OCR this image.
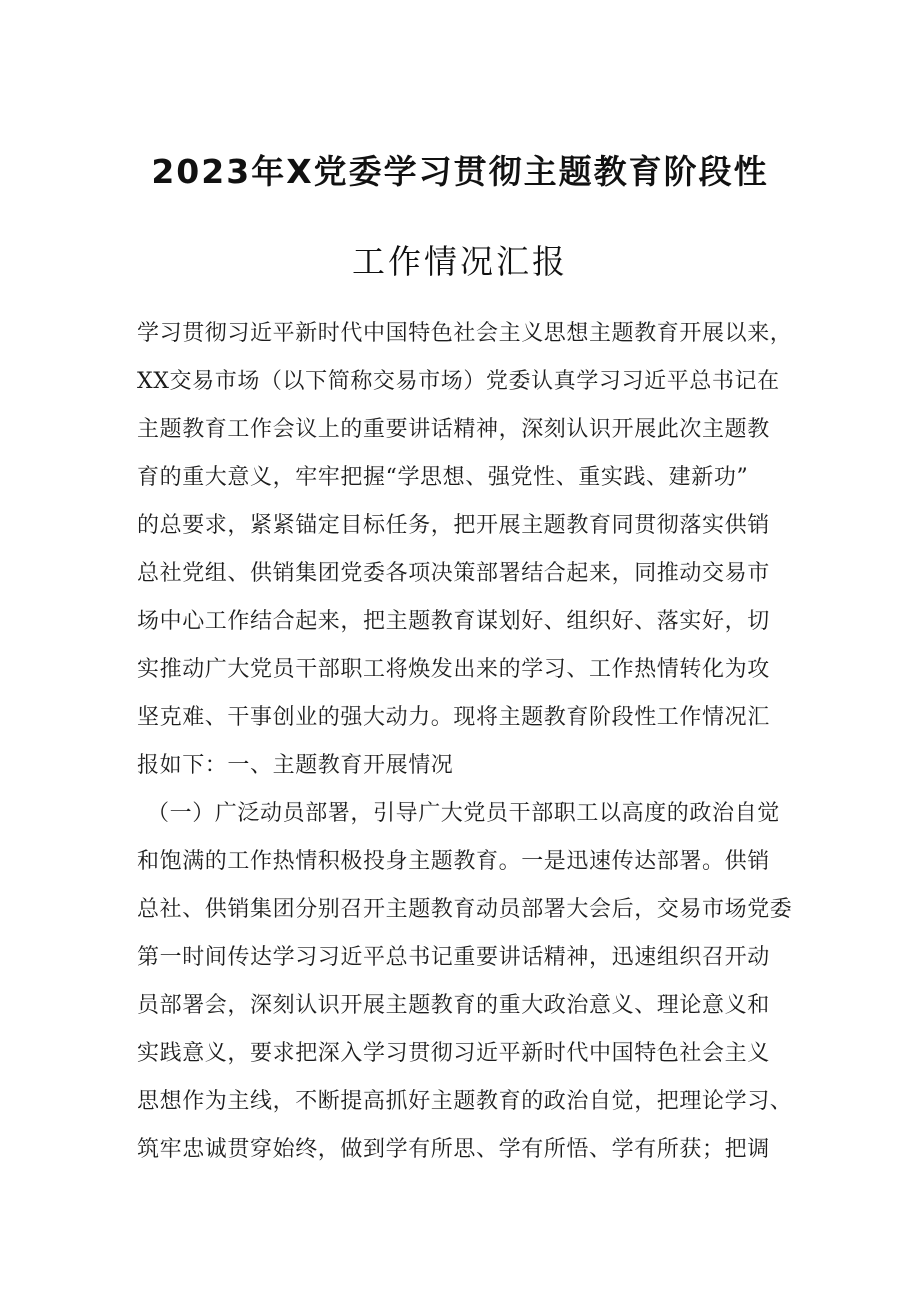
2023年X党委学习贯彻主题教育阶段性
工作情况汇报
学习贯彻习近平新时代中国特色社会主义思想主题教育开展以来，
XX交易市场（以下简称交易市场）党委认真学习习近平总书记在
主题教育工作会议上的重要讲话精神，深刻认识开展此次主题教
育的重大意义，牢牢把握“学思想、强党性、重实践、建新功”
的总要求，紧紧锚定目标任务，把开展主题教育同贯彻落实供销
总社党组、供销集团党委各项决策部署结合起来，同推动交易市
场中心工作结合起来，把主题教育谋划好、组织好、落实好，切
实推动广大党员干部职工将焕发出来的学习、工作热情转化为攻
坚克难、干事创业的强大动力。现将主题教育阶段性工作情况汇
报如下：一、主题教育开展情况
（一）广泛动员部署，引导广大党员干部职工以高度的政治自觉
和饱满的工作热情积极投身主题教育。一是迅速传达部署。供销
总社、供销集团分别召开主题教育动员部署大会后，交易市场党委
第一时间传达学习习近平总书记重要讲话精神，迅速组织召开动
员部署会，深刻认识开展主题教育的重大政治意义、理论意义和
实践意义，要求把深入学习贯彻习近平新时代中国特色社会主义
思想作为主线，不断提高抓好主题教育的政治自觉，把理论学习、
筑牢忠诚贯穿始终，做到学有所思、学有所悟、学有所获；把调
